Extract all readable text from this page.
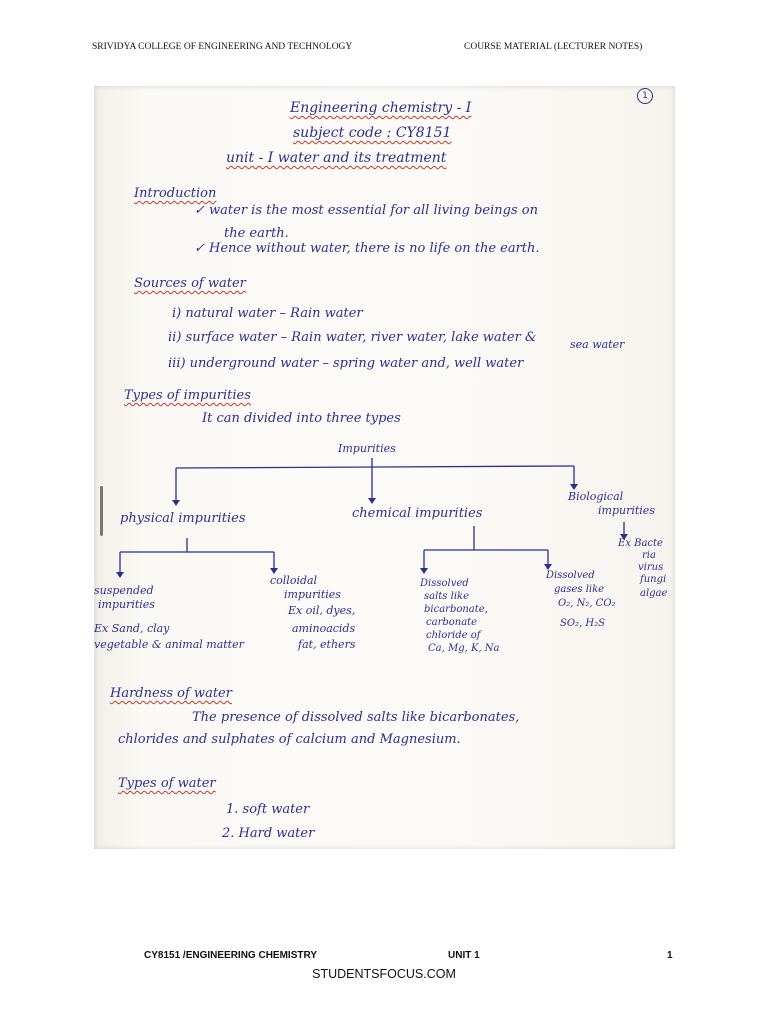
SRIVIDYA COLLEGE OF ENGINEERING AND TECHNOLOGY	COURSE MATERIAL (LECTURER NOTES)
1
Engineering chemistry - I
subject code : CY8151
unit - I water and its treatment
Introduction
✓ water is the most essential for all living beings on
the earth.
✓ Hence without water, there is no life on the earth.
Sources of water
i) natural water – Rain water
ii) surface water – Rain water, river water, lake water &	sea water
iii) underground water – spring water and, well water
Types of impurities
It can divided into three types
Impurities
physical impurities	chemical impurities
Biological
impurities
Ex Bacte
ria
virus
fungi
algae
suspended
impurities
Ex Sand, clay
vegetable & animal matter
colloidal
impurities
Ex oil, dyes,
aminoacids
fat, ethers
Dissolved
salts like
bicarbonate,
carbonate
chloride of
Ca, Mg, K, Na
Dissolved
gases like
O₂, N₂, CO₂
SO₂, H₂S
Hardness of water
The presence of dissolved salts like bicarbonates,
chlorides and sulphates of calcium and Magnesium.
Types of water
1. soft water
2. Hard water
CY8151 /ENGINEERING CHEMISTRY	UNIT 1	1
STUDENTSFOCUS.COM
